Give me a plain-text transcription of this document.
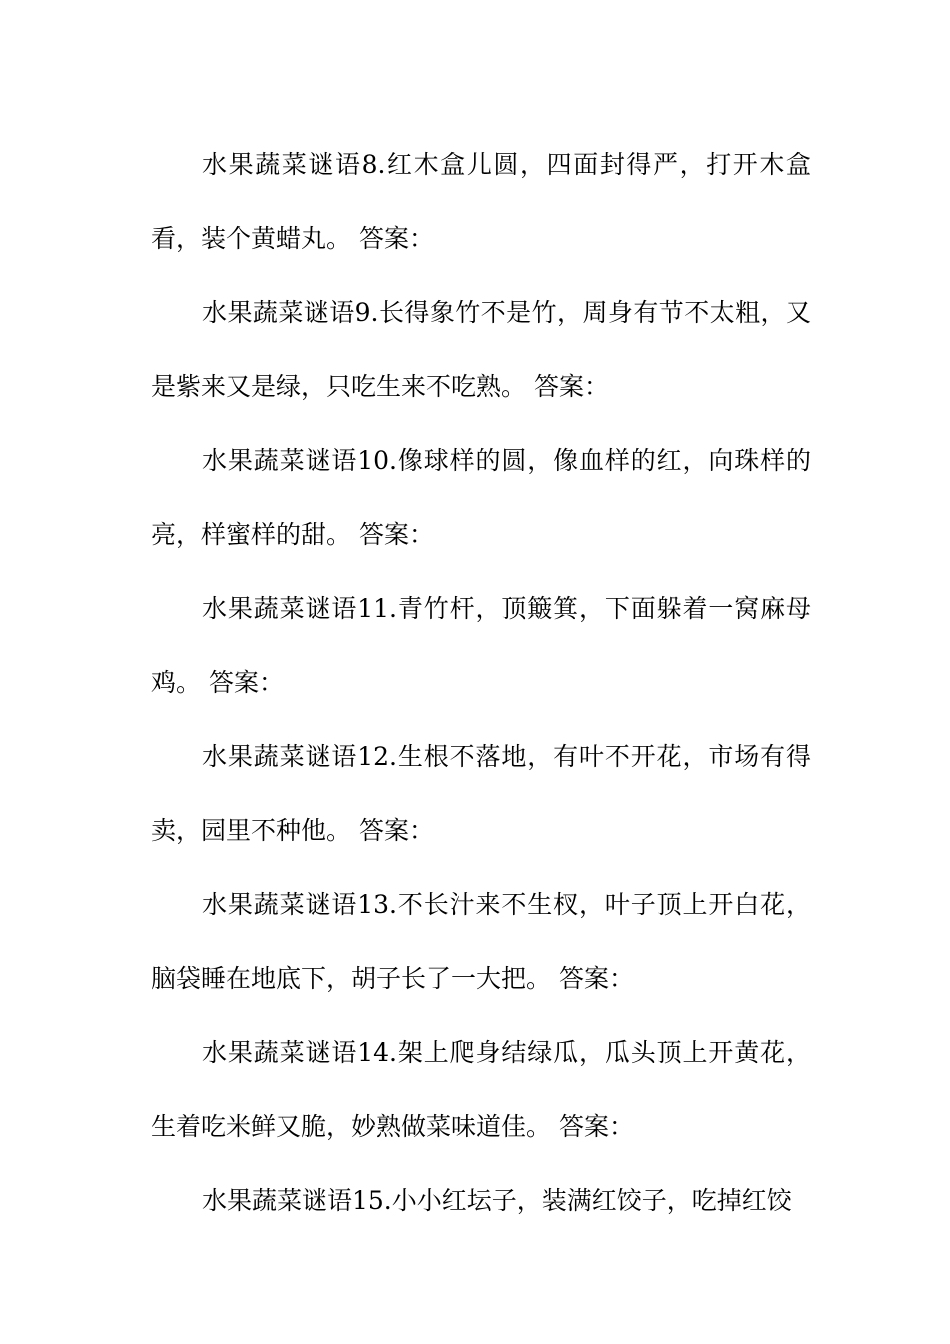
水果蔬菜谜语8.红木盒儿圆，四面封得严，打开木盒看，装个黄蜡丸。 答案：

水果蔬菜谜语9.长得象竹不是竹，周身有节不太粗，又是紫来又是绿，只吃生来不吃熟。 答案：

水果蔬菜谜语10.像球样的圆，像血样的红，向珠样的亮，样蜜样的甜。 答案：

水果蔬菜谜语11.青竹杆，顶簸箕，下面躲着一窝麻母鸡。 答案：

水果蔬菜谜语12.生根不落地，有叶不开花，市场有得卖，园里不种他。 答案：

水果蔬菜谜语13.不长汁来不生杈，叶子顶上开白花，脑袋睡在地底下，胡子长了一大把。 答案：

水果蔬菜谜语14.架上爬身结绿瓜，瓜头顶上开黄花，生着吃米鲜又脆，妙熟做菜味道佳。 答案：

水果蔬菜谜语15.小小红坛子，装满红饺子，吃掉红饺
